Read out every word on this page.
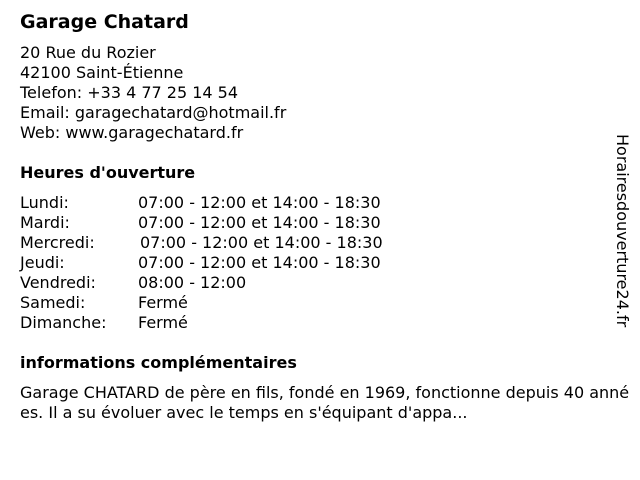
Garage Chatard
20 Rue du Rozier
42100 Saint-Étienne
Telefon: +33 4 77 25 14 54
Email: garagechatard@hotmail.fr
Web: www.garagechatard.fr
Heures d'ouverture
Lundi:	07:00 - 12:00 et 14:00 - 18:30
Mardi:	07:00 - 12:00 et 14:00 - 18:30
Mercredi:	07:00 - 12:00 et 14:00 - 18:30
Jeudi:	07:00 - 12:00 et 14:00 - 18:30
Vendredi:	08:00 - 12:00
Samedi:	Fermé
Dimanche: Fermé
informations complémentaires
Garage CHATARD de père en fils, fondé en 1969, fonctionne depuis 40 années. Il a su évoluer avec le temps en s'équipant d'appa...
Horairesdouverture24.fr
